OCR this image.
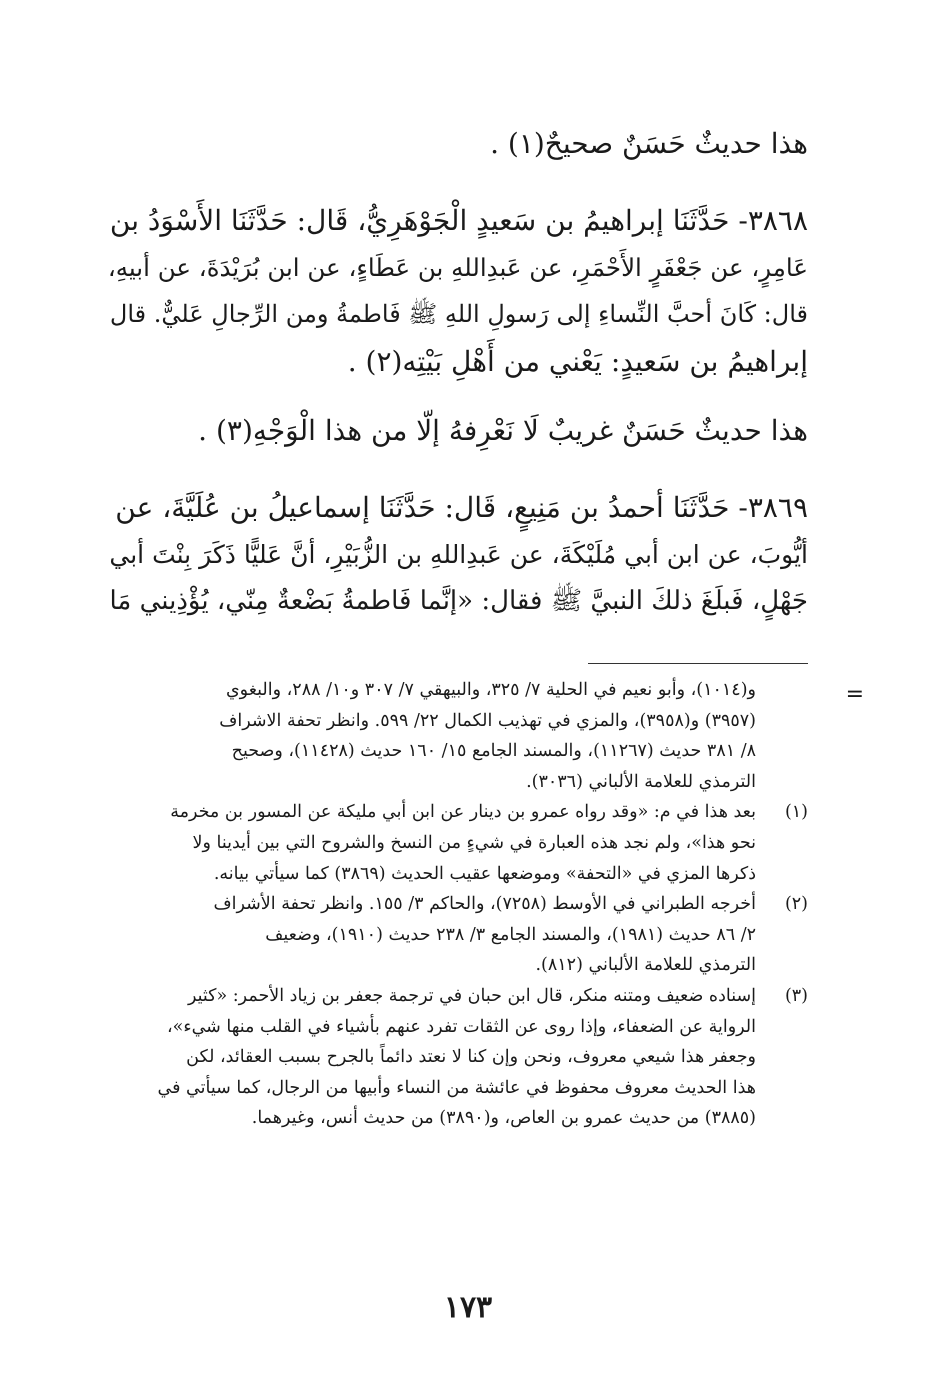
هذا حديثٌ حَسَنٌ صحيحٌ(١) .
٣٨٦٨- حَدَّثَنَا إبراهيمُ بن سَعيدٍ الْجَوْهَرِيُّ، قَال: حَدَّثَنَا الأَسْوَدُ بن
عَامِرٍ، عن جَعْفَرٍ الأَحْمَرِ، عن عَبدِاللهِ بن عَطَاءٍ، عن ابن بُرَيْدَةَ، عن أبيهِ،
قال: كَانَ أحبَّ النِّساءِ إلى رَسولِ اللهِ ﷺ فَاطمةُ ومن الرِّجالِ عَليٌّ. قال
إبراهيمُ بن سَعيدٍ: يَعْني من أَهْلِ بَيْتِه(٢) .
هذا حديثٌ حَسَنٌ غريبٌ لَا نَعْرِفهُ إلّا من هذا الْوَجْهِ(٣) .
٣٨٦٩- حَدَّثَنَا أحمدُ بن مَنِيعٍ، قَال: حَدَّثَنَا إسماعيلُ بن عُلَيَّةَ، عن
أيُّوبَ، عن ابن أبي مُلَيْكَةَ، عن عَبدِاللهِ بن الزُّبَيْرِ، أنَّ عَليًّا ذَكَرَ بِنْتَ أبي
جَهْلٍ، فَبلَغَ ذلكَ النبيَّ ﷺ فقال: «إنَّما فَاطمةُ بَضْعةٌ مِنّي، يُؤْذِيني مَا
=
و(١٠١٤)، وأبو نعيم في الحلية ٧/ ٣٢٥، والبيهقي ٧/ ٣٠٧ و١٠/ ٢٨٨، والبغوي
(٣٩٥٧) و(٣٩٥٨)، والمزي في تهذيب الكمال ٢٢/ ٥٩٩. وانظر تحفة الاشراف
٨/ ٣٨١ حديث (١١٢٦٧)، والمسند الجامع ١٥/ ١٦٠ حديث (١١٤٢٨)، وصحيح
الترمذي للعلامة الألباني (٣٠٣٦).
(١)
بعد هذا في م: «وقد رواه عمرو بن دينار عن ابن أبي مليكة عن المسور بن مخرمة
نحو هذا»، ولم نجد هذه العبارة في شيءٍ من النسخ والشروح التي بين أيدينا ولا
ذكرها المزي في «التحفة» وموضعها عقيب الحديث (٣٨٦٩) كما سيأتي بيانه.
(٢)
أخرجه الطبراني في الأوسط (٧٢٥٨)، والحاكم ٣/ ١٥٥. وانظر تحفة الأشراف
٢/ ٨٦ حديث (١٩٨١)، والمسند الجامع ٣/ ٢٣٨ حديث (١٩١٠)، وضعيف
الترمذي للعلامة الألباني (٨١٢).
(٣)
إسناده ضعيف ومتنه منكر، قال ابن حبان في ترجمة جعفر بن زياد الأحمر: «كثير
الرواية عن الضعفاء، وإذا روى عن الثقات تفرد عنهم بأشياء في القلب منها شيء»،
وجعفر هذا شيعي معروف، ونحن وإن كنا لا نعتد دائماً بالجرح بسبب العقائد، لكن
هذا الحديث معروف محفوظ في عائشة من النساء وأبيها من الرجال، كما سيأتي في
(٣٨٨٥) من حديث عمرو بن العاص، و(٣٨٩٠) من حديث أنس، وغيرهما.
١٧٣
